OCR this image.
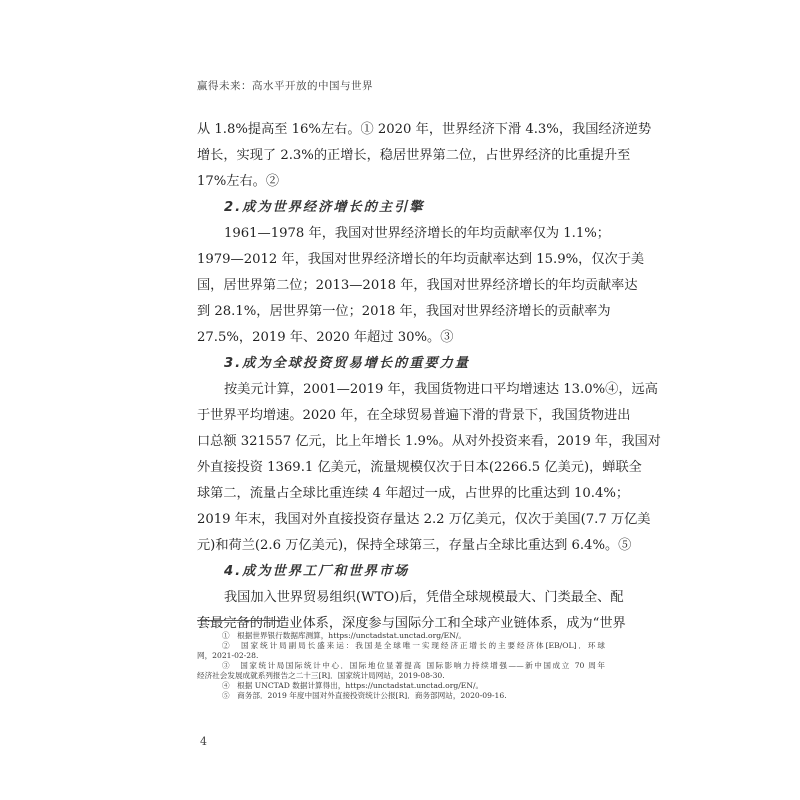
赢得未来：高水平开放的中国与世界
从 1.8%提高至 16%左右。① 2020 年，世界经济下滑 4.3%，我国经济逆势
增长，实现了 2.3%的正增长，稳居世界第二位，占世界经济的比重提升至
17%左右。②
2.成为世界经济增长的主引擎
1961—1978 年，我国对世界经济增长的年均贡献率仅为 1.1%；
1979—2012 年，我国对世界经济增长的年均贡献率达到 15.9%，仅次于美
国，居世界第二位；2013—2018 年，我国对世界经济增长的年均贡献率达
到 28.1%，居世界第一位；2018 年，我国对世界经济增长的贡献率为
27.5%，2019 年、2020 年超过 30%。③
3.成为全球投资贸易增长的重要力量
按美元计算，2001—2019 年，我国货物进口平均增速达 13.0%④，远高
于世界平均增速。2020 年，在全球贸易普遍下滑的背景下，我国货物进出
口总额 321557 亿元，比上年增长 1.9%。从对外投资来看，2019 年，我国对
外直接投资 1369.1 亿美元，流量规模仅次于日本(2266.5 亿美元)，蝉联全
球第二，流量占全球比重连续 4 年超过一成，占世界的比重达到 10.4%；
2019 年末，我国对外直接投资存量达 2.2 万亿美元，仅次于美国(7.7 万亿美
元)和荷兰(2.6 万亿美元)，保持全球第三，存量占全球比重达到 6.4%。⑤
4.成为世界工厂和世界市场
我国加入世界贸易组织(WTO)后，凭借全球规模最大、门类最全、配
套最完备的制造业体系，深度参与国际分工和全球产业链体系，成为“世界
①　根据世界银行数据库测算，https://unctadstat.unctad.org/EN/。
②　国家统计局副局长盛来运：我国是全球唯一实现经济正增长的主要经济体[EB/OL]．环球
网，2021-02-28.
③　国家统计局国际统计中心．国际地位显著提高 国际影响力持续增强——新中国成立 70 周年
经济社会发展成就系列报告之二十三[R]．国家统计局网站，2019-08-30.
④　根据 UNCTAD 数据计算得出，https://unctadstat.unctad.org/EN/。
⑤　商务部．2019 年度中国对外直接投资统计公报[R]．商务部网站，2020-09-16.
4
